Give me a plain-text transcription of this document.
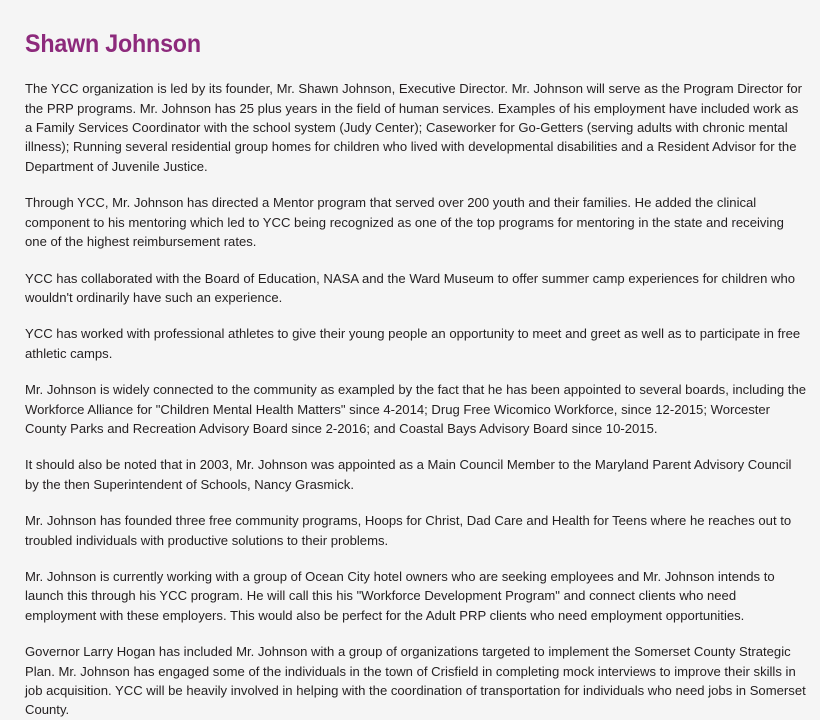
Shawn Johnson

The YCC organization is led by its founder, Mr. Shawn Johnson, Executive Director. Mr. Johnson will serve as the Program Director for the PRP programs. Mr. Johnson has 25 plus years in the field of human services. Examples of his employment have included work as a Family Services Coordinator with the school system (Judy Center); Caseworker for Go-Getters (serving adults with chronic mental illness); Running several residential group homes for children who lived with developmental disabilities and a Resident Advisor for the Department of Juvenile Justice.

Through YCC, Mr. Johnson has directed a Mentor program that served over 200 youth and their families. He added the clinical component to his mentoring which led to YCC being recognized as one of the top programs for mentoring in the state and receiving one of the highest reimbursement rates.

YCC has collaborated with the Board of Education, NASA and the Ward Museum to offer summer camp experiences for children who wouldn't ordinarily have such an experience.

YCC has worked with professional athletes to give their young people an opportunity to meet and greet as well as to participate in free athletic camps.

Mr. Johnson is widely connected to the community as exampled by the fact that he has been appointed to several boards, including the Workforce Alliance for "Children Mental Health Matters" since 4-2014; Drug Free Wicomico Workforce, since 12-2015; Worcester County Parks and Recreation Advisory Board since 2-2016; and Coastal Bays Advisory Board since 10-2015.

It should also be noted that in 2003, Mr. Johnson was appointed as a Main Council Member to the Maryland Parent Advisory Council by the then Superintendent of Schools, Nancy Grasmick.

Mr. Johnson has founded three free community programs, Hoops for Christ, Dad Care and Health for Teens where he reaches out to troubled individuals with productive solutions to their problems.

Mr. Johnson is currently working with a group of Ocean City hotel owners who are seeking employees and Mr. Johnson intends to launch this through his YCC program. He will call this his "Workforce Development Program" and connect clients who need employment with these employers. This would also be perfect for the Adult PRP clients who need employment opportunities.

Governor Larry Hogan has included Mr. Johnson with a group of organizations targeted to implement the Somerset County Strategic Plan. Mr. Johnson has engaged some of the individuals in the town of Crisfield in completing mock interviews to improve their skills in job acquisition. YCC will be heavily involved in helping with the coordination of transportation for individuals who need jobs in Somerset County.
